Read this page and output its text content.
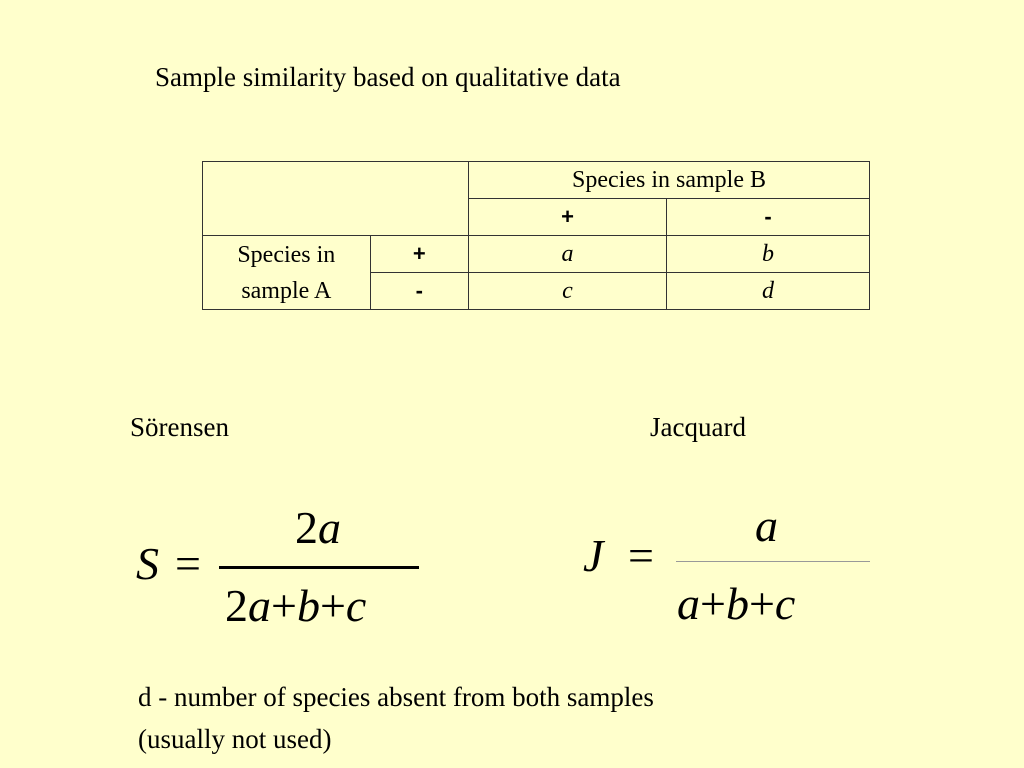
Sample similarity based on qualitative data
		Species in sample B	
		+	-

Species in
sample A	+	a	b
	-	c	d
Sörensen	Jacquard
S =
2a
2a+b+c
J =
a
a+b+c
d - number of species absent from both samples
(usually not used)
